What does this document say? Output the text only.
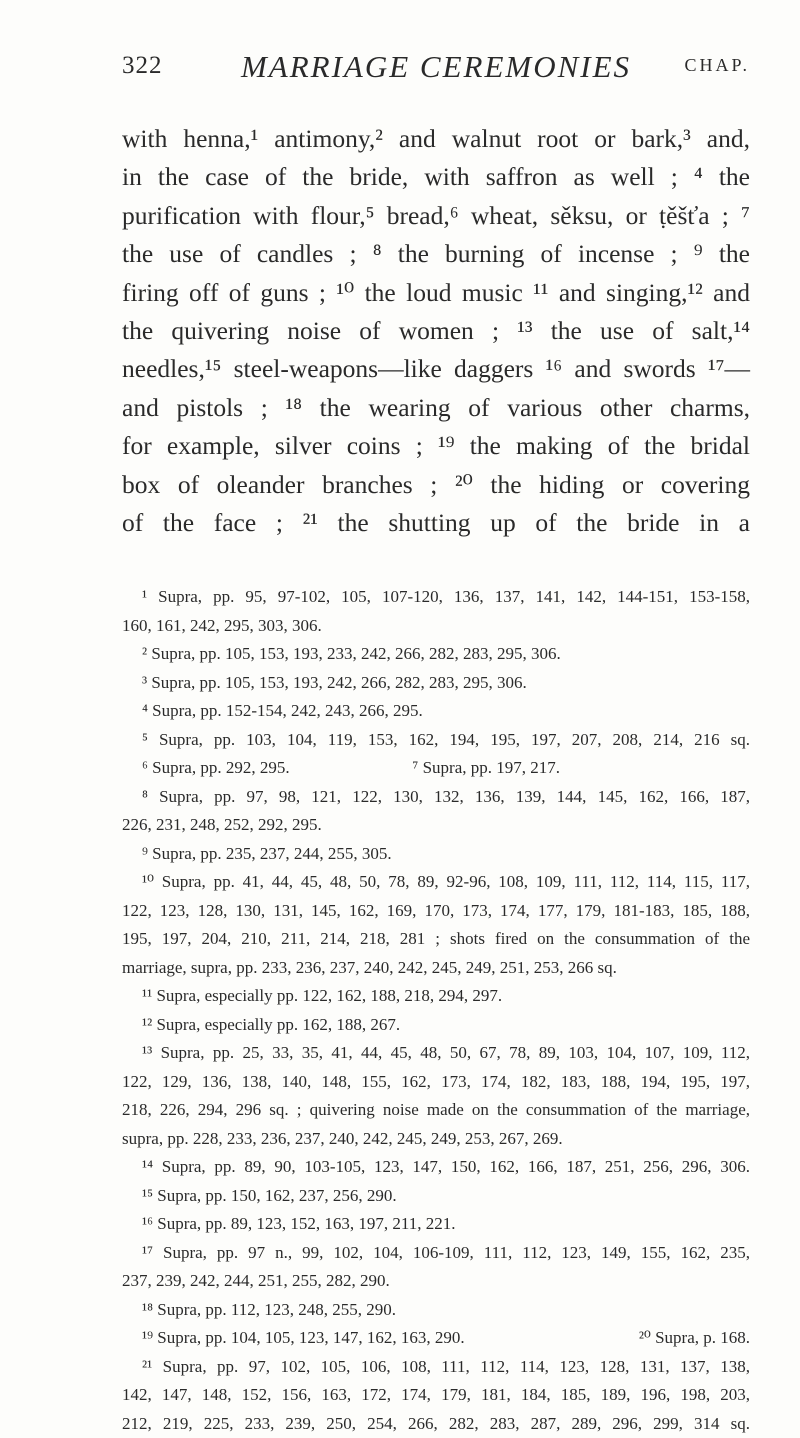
322	MARRIAGE CEREMONIES	CHAP.
with henna,¹ antimony,² and walnut root or bark,³ and,
in the case of the bride, with saffron as well ; ⁴ the
purification with flour,⁵ bread,⁶ wheat, sěksu, or ṭěšťa ; ⁷
the use of candles ; ⁸ the burning of incense ; ⁹ the
firing off of guns ; ¹⁰ the loud music ¹¹ and singing,¹² and
the quivering noise of women ; ¹³ the use of salt,¹⁴
needles,¹⁵ steel-weapons—like daggers ¹⁶ and swords ¹⁷—
and pistols ; ¹⁸ the wearing of various other charms,
for example, silver coins ; ¹⁹ the making of the bridal
box of oleander branches ; ²⁰ the hiding or covering
of the face ; ²¹ the shutting up of the bride in a
¹ Supra, pp. 95, 97-102, 105, 107-120, 136, 137, 141, 142, 144-151, 153-158,
160, 161, 242, 295, 303, 306.
² Supra, pp. 105, 153, 193, 233, 242, 266, 282, 283, 295, 306.
³ Supra, pp. 105, 153, 193, 242, 266, 282, 283, 295, 306.
⁴ Supra, pp. 152-154, 242, 243, 266, 295.
⁵ Supra, pp. 103, 104, 119, 153, 162, 194, 195, 197, 207, 208, 214, 216 sq.
⁶ Supra, pp. 292, 295.	⁷ Supra, pp. 197, 217.
⁸ Supra, pp. 97, 98, 121, 122, 130, 132, 136, 139, 144, 145, 162, 166, 187,
226, 231, 248, 252, 292, 295.
⁹ Supra, pp. 235, 237, 244, 255, 305.
¹⁰ Supra, pp. 41, 44, 45, 48, 50, 78, 89, 92-96, 108, 109, 111, 112, 114, 115, 117,
122, 123, 128, 130, 131, 145, 162, 169, 170, 173, 174, 177, 179, 181-183, 185, 188,
195, 197, 204, 210, 211, 214, 218, 281 ; shots fired on the consummation of the
marriage, supra, pp. 233, 236, 237, 240, 242, 245, 249, 251, 253, 266 sq.
¹¹ Supra, especially pp. 122, 162, 188, 218, 294, 297.
¹² Supra, especially pp. 162, 188, 267.
¹³ Supra, pp. 25, 33, 35, 41, 44, 45, 48, 50, 67, 78, 89, 103, 104, 107, 109, 112,
122, 129, 136, 138, 140, 148, 155, 162, 173, 174, 182, 183, 188, 194, 195, 197,
218, 226, 294, 296 sq. ; quivering noise made on the consummation of the marriage,
supra, pp. 228, 233, 236, 237, 240, 242, 245, 249, 253, 267, 269.
¹⁴ Supra, pp. 89, 90, 103-105, 123, 147, 150, 162, 166, 187, 251, 256, 296, 306.
¹⁵ Supra, pp. 150, 162, 237, 256, 290.
¹⁶ Supra, pp. 89, 123, 152, 163, 197, 211, 221.
¹⁷ Supra, pp. 97 n., 99, 102, 104, 106-109, 111, 112, 123, 149, 155, 162, 235,
237, 239, 242, 244, 251, 255, 282, 290.
¹⁸ Supra, pp. 112, 123, 248, 255, 290.
¹⁹ Supra, pp. 104, 105, 123, 147, 162, 163, 290.	²⁰ Supra, p. 168.
²¹ Supra, pp. 97, 102, 105, 106, 108, 111, 112, 114, 123, 128, 131, 137, 138,
142, 147, 148, 152, 156, 163, 172, 174, 179, 181, 184, 185, 189, 196, 198, 203,
212, 219, 225, 233, 239, 250, 254, 266, 282, 283, 287, 289, 296, 299, 314 sq.
